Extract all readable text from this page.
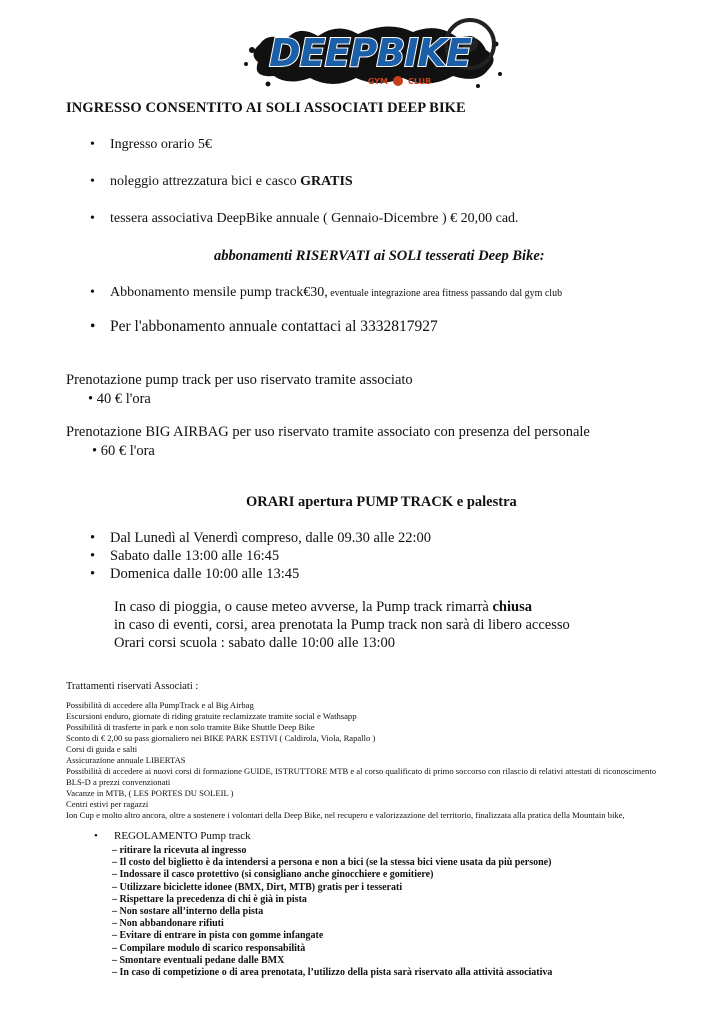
DEEPBIKE
GYM	CLUB
INGRESSO CONSENTITO AI SOLI ASSOCIATI DEEP BIKE
• Ingresso orario 5€
• noleggio attrezzatura bici e casco GRATIS
• tessera associativa DeepBike annuale ( Gennaio-Dicembre ) € 20,00 cad.
abbonamenti RISERVATI ai SOLI tesserati Deep Bike:
• Abbonamento mensile pump track€30, eventuale integrazione area fitness passando dal gym club
• Per l'abbonamento annuale contattaci al 3332817927
Prenotazione pump track per uso riservato tramite associato
• 40 € l'ora
Prenotazione BIG AIRBAG per uso riservato tramite associato con presenza del personale
• 60 € l'ora
ORARI apertura PUMP TRACK e palestra
• Dal Lunedì al Venerdì compreso, dalle 09.30 alle 22:00
• Sabato dalle 13:00 alle 16:45
• Domenica dalle 10:00 alle 13:45
In caso di pioggia, o cause meteo avverse, la Pump track rimarrà chiusa
in caso di eventi, corsi, area prenotata la Pump track non sarà di libero accesso
Orari corsi scuola : sabato dalle 10:00 alle 13:00
Trattamenti riservati Associati :
Possibilità di accedere alla PumpTrack e al Big Airbag
Escursioni enduro, giornate di riding gratuite reclamizzate tramite social e Wathsapp
Possibilità di trasferte in park e non solo tramite Bike Shuttle Deep Bike
Sconto di € 2,00 su pass giornaliero nei BIKE PARK ESTIVI ( Caldirola, Viola, Rapallo )
Corsi di guida e salti
Assicurazione annuale LIBERTAS
Possibilità di accedere ai nuovi corsi di formazione GUIDE, ISTRUTTORE MTB e al corso qualificato di primo soccorso con rilascio di relativi attestati di riconoscimento
BLS-D a prezzi convenzionati
Vacanze in MTB, ( LES PORTES DU SOLEIL )
Centri estivi per ragazzi
Ion Cup e molto altro ancora, oltre a sostenere i volontari della Deep Bike, nel recupero e valorizzazione del territorio, finalizzata alla pratica della Mountain bike,
• REGOLAMENTO Pump track
– ritirare la ricevuta al ingresso
– Il costo del biglietto è da intendersi a persona e non a bici (se la stessa bici viene usata da più persone)
– Indossare il casco protettivo (si consigliano anche ginocchiere e gomitiere)
– Utilizzare biciclette idonee (BMX, Dirt, MTB) gratis per i tesserati
– Rispettare la precedenza di chi è già in pista
– Non sostare all’interno della pista
– Non abbandonare rifiuti
– Evitare di entrare in pista con gomme infangate
– Compilare modulo di scarico responsabilità
– Smontare eventuali pedane dalle BMX
– In caso di competizione o di area prenotata, l’utilizzo della pista sarà riservato alla attività associativa
